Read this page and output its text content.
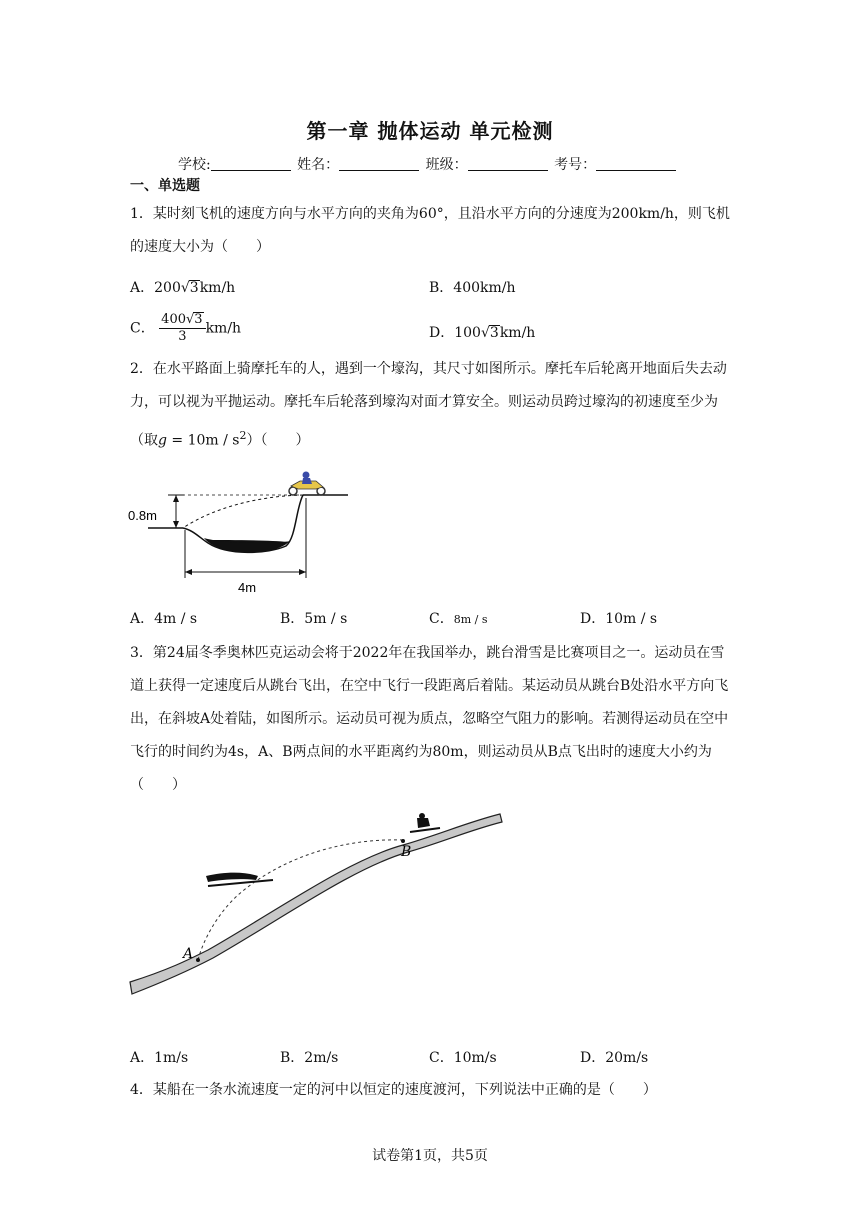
第一章 抛体运动 单元检测
学校:	姓名：	班级：	考号：
一、单选题
1．某时刻飞机的速度方向与水平方向的夹角为60°，且沿水平方向的分速度为200km/h，则飞机的速度大小为（　　）
A．200√3km/h	B．400km/h
C． $\frac{400√3}{3} km/h$	D．100√3km/h
2．在水平路面上骑摩托车的人，遇到一个壕沟，其尺寸如图所示。摩托车后轮离开地面后失去动力，可以视为平抛运动。摩托车后轮落到壕沟对面才算安全。则运动员跨过壕沟的初速度至少为（取$g = 10m / s^2$）（　　）
0.8m
4m
A．4m / s	B．5m / s	C．8m / s	D．10m / s
3．第24届冬季奥林匹克运动会将于2022年在我国举办，跳台滑雪是比赛项目之一。运动员在雪道上获得一定速度后从跳台飞出，在空中飞行一段距离后着陆。某运动员从跳台B处沿水平方向飞出，在斜坡A处着陆，如图所示。运动员可视为质点，忽略空气阻力的影响。若测得运动员在空中飞行的时间约为4s，A、B两点间的水平距离约为80m，则运动员从B点飞出时的速度大小约为（　　）
A
B
A．1m/s	B．2m/s	C．10m/s	D．20m/s
4．某船在一条水流速度一定的河中以恒定的速度渡河，下列说法中正确的是（　　）
试卷第1页，共5页
